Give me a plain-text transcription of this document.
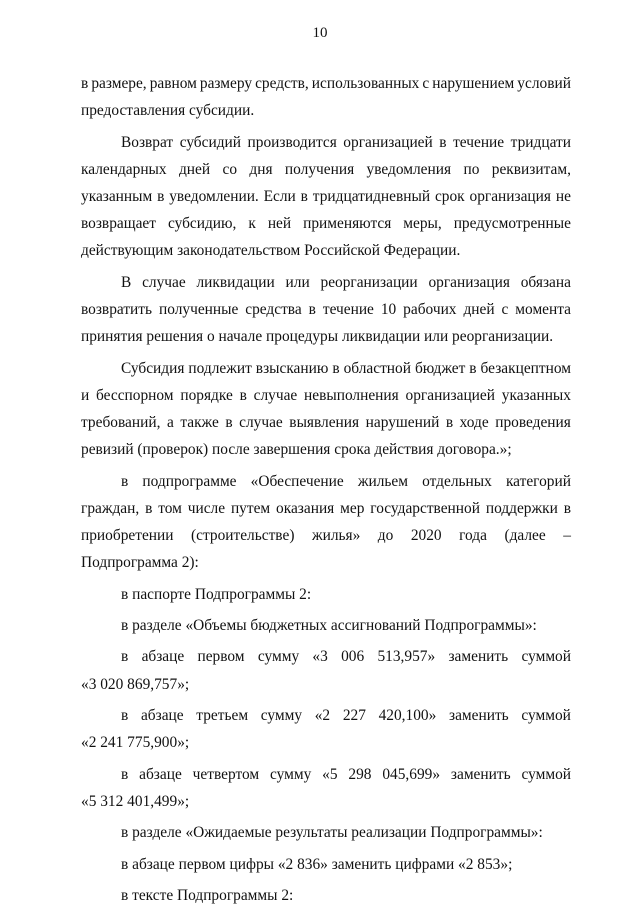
10

в размере, равном размеру средств, использованных с нарушением условий
предоставления субсидии.

Возврат субсидий производится организацией в течение тридцати
календарных дней со дня получения уведомления по реквизитам,
указанным в уведомлении. Если в тридцатидневный срок организация не
возвращает субсидию, к ней применяются меры, предусмотренные
действующим законодательством Российской Федерации.

В случае ликвидации или реорганизации организация обязана
возвратить полученные средства в течение 10 рабочих дней с момента
принятия решения о начале процедуры ликвидации или реорганизации.

Субсидия подлежит взысканию в областной бюджет в безакцептном
и бесспорном порядке в случае невыполнения организацией указанных
требований, а также в случае выявления нарушений в ходе проведения
ревизий (проверок) после завершения срока действия договора.»;

в подпрограмме «Обеспечение жильем отдельных категорий
граждан, в том числе путем оказания мер государственной поддержки в
приобретении (строительстве) жилья» до 2020 года (далее –
Подпрограмма 2):

в паспорте Подпрограммы 2:

в разделе «Объемы бюджетных ассигнований Подпрограммы»:

в абзаце первом сумму «3 006 513,957» заменить суммой
«3 020 869,757»;

в абзаце третьем сумму «2 227 420,100» заменить суммой
«2 241 775,900»;

в абзаце четвертом сумму «5 298 045,699» заменить суммой
«5 312 401,499»;

в разделе «Ожидаемые результаты реализации Подпрограммы»:

в абзаце первом цифры «2 836» заменить цифрами «2 853»;

в тексте Подпрограммы 2:
